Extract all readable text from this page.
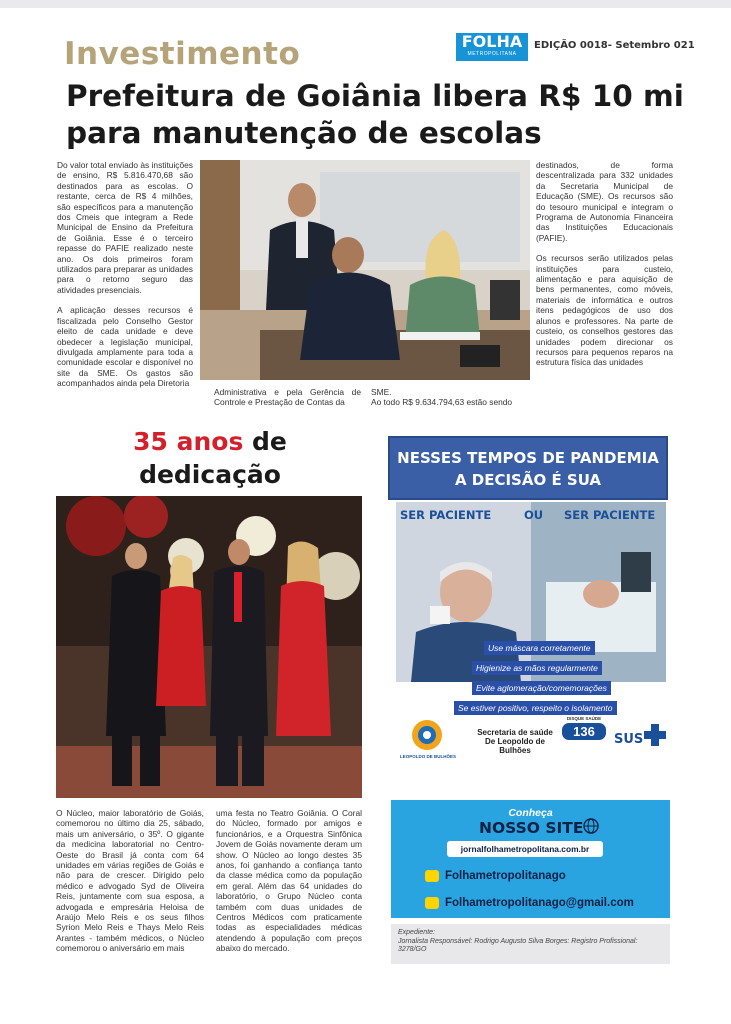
Investimento	FOLHA
METROPOLITANA
EDIÇÃO 0018- Setembro 021
Prefeitura de Goiânia libera R$ 10 mi para manutenção de escolas

Do valor total enviado às instituições de ensino, R$ 5.816.470,68 são destinados para as escolas. O restante, cerca de R$ 4 milhões, são específicos para a manutenção dos Cmeis que integram a Rede Municipal de Ensino da Prefeitura de Goiânia. Esse é o terceiro repasse do PAFIE realizado neste ano. Os dois primeiros foram utilizados para preparar as unidades para o retorno seguro das atividades presenciais.

A aplicação desses recursos é fiscalizada pelo Conselho Gestor eleito de cada unidade e deve obedecer a legislação municipal, divulgada amplamente para toda a comunidade escolar e disponível no site da SME. Os gastos são acompanhados ainda pela Diretoria

Administrativa e pela Gerência de Controle e Prestação de Contas da
SME.
Ao todo R$ 9.634.794,63 estão sendo

destinados, de forma descentralizada para 332 unidades da Secretaria Municipal de Educação (SME). Os recursos são do tesouro municipal e integram o Programa de Autonomia Financeira das Instituições Educacionais (PAFIE).

Os recursos serão utilizados pelas instituições para custeio, alimentação e para aquisição de bens permanentes, como móveis, materiais de informática e outros itens pedagógicos de uso dos alunos e professores. Na parte de custeio, os conselhos gestores das unidades podem direcionar os recursos para pequenos reparos na estrutura física das unidades

35 anos de dedicação

O Núcleo, maior laboratório de Goiás, comemorou no último dia 25, sábado, mais um aniversário, o 35º. O gigante da medicina laboratorial no Centro-Oeste do Brasil já conta com 64 unidades em várias regiões de Goiás e não para de crescer. Dirigido pelo médico e advogado Syd de Oliveira Reis, juntamente com sua esposa, a advogada e empresária Heloisa de Araújo Melo Reis e os seus filhos Syrion Melo Reis e Thays Melo Reis Arantes - também médicos, o Núcleo comemorou o aniversário em mais
uma festa no Teatro Goiânia. O Coral do Núcleo, formado por amigos e funcionários, e a Orquestra Sinfônica Jovem de Goiás novamente deram um show. O Núcleo ao longo destes 35 anos, foi ganhando a confiança tanto da classe médica como da população em geral. Além das 64 unidades do laboratório, o Grupo Núcleo conta também com duas unidades de Centros Médicos com praticamente todas as especialidades médicas atendendo à população com preços abaixo do mercado.
NESSES TEMPOS DE PANDEMIA
A DECISÃO É SUA
SER PACIENTE	OU SER PACIENTE
Use máscara corretamente
Higienize as mãos regularmente
Evite aglomeração/comemorações
Se estiver positivo, respeito o isolamento
LEOPOLDO DE BULHÕES
Secretaria de saúde
De Leopoldo de Bulhões
DISQUE SAÚDE
136
SUS
Conheça
NOSSO SITE
jornalfolhametropolitana.com.br
Folhametropolitanago
Folhametropolitanago@gmail.com
Expediente:
Jornalista Responsável: Rodrigo Augusto Silva Borges: Registro Profissional: 3278/GO
